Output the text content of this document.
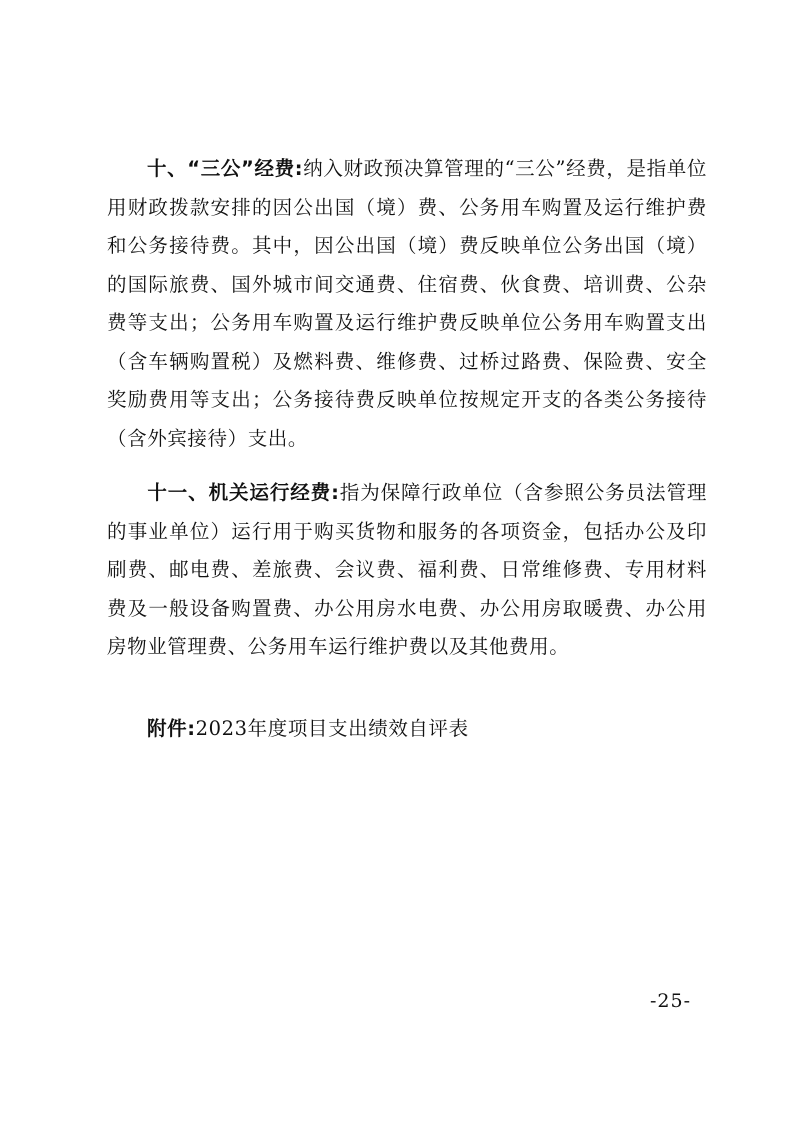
十、“三公”经费:纳入财政预决算管理的“三公”经费，是指单位用财政拨款安排的因公出国（境）费、公务用车购置及运行维护费和公务接待费。其中，因公出国（境）费反映单位公务出国（境）的国际旅费、国外城市间交通费、住宿费、伙食费、培训费、公杂费等支出；公务用车购置及运行维护费反映单位公务用车购置支出（含车辆购置税）及燃料费、维修费、过桥过路费、保险费、安全奖励费用等支出；公务接待费反映单位按规定开支的各类公务接待（含外宾接待）支出。

十一、机关运行经费:指为保障行政单位（含参照公务员法管理的事业单位）运行用于购买货物和服务的各项资金，包括办公及印刷费、邮电费、差旅费、会议费、福利费、日常维修费、专用材料费及一般设备购置费、办公用房水电费、办公用房取暖费、办公用房物业管理费、公务用车运行维护费以及其他费用。

附件:2023年度项目支出绩效自评表
-25-
